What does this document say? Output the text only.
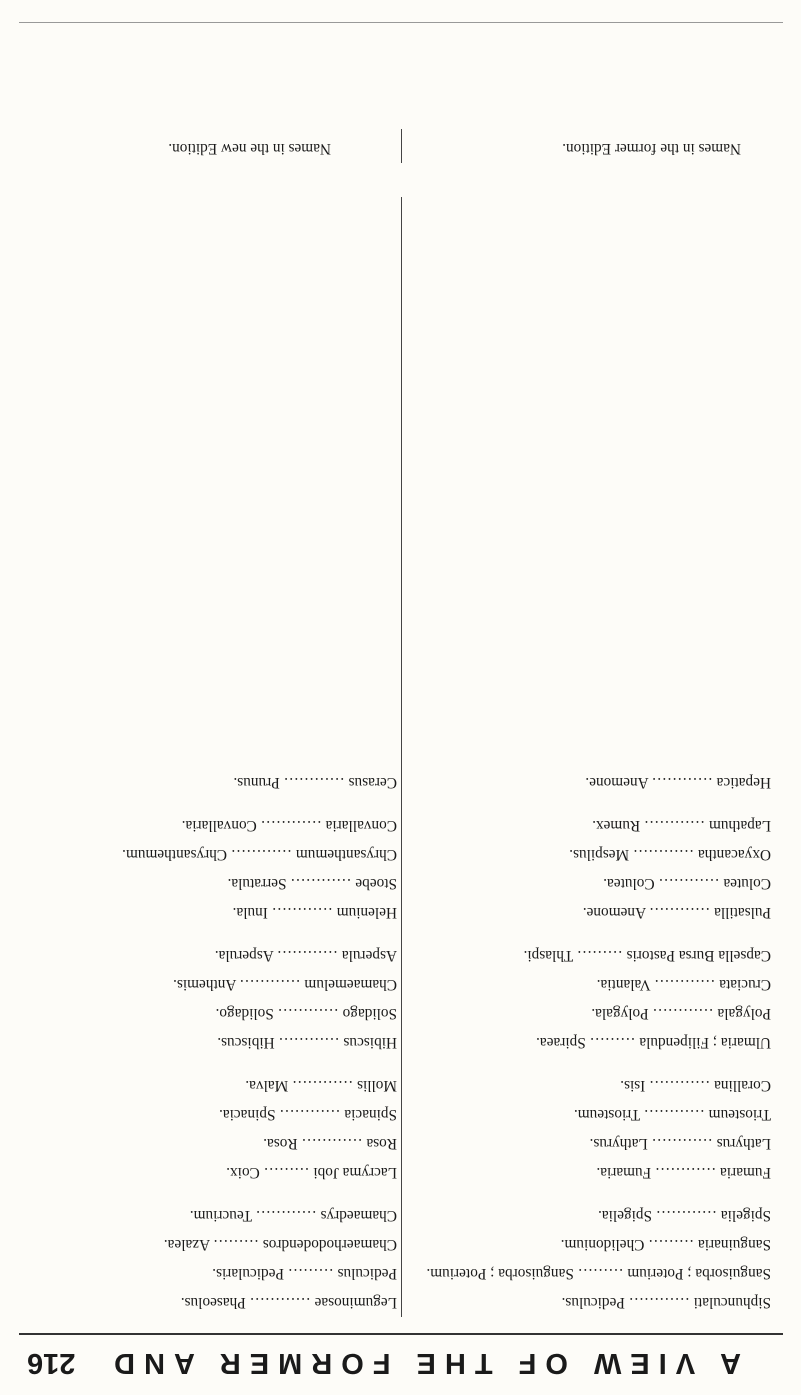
A VIEW OF THE FORMER AND
216
Siphunculati ………… Pediculus.
Sanguisorba ; Poterium ……… Sanguisorba ; Poterium.
Sanguinaria ……… Chelidonium.
Spigelia ………… Spigelia.
Fumaria ………… Fumaria.
Lathyrus ………… Lathyrus.
Triosteum ………… Triosteum.
Corallina ………… Isis.
Ulmaria ; Filipendula ……… Spiraea.
Polygala ………… Polygala.
Cruciata ………… Valantia.
Capsella Bursa Pastoris ……… Thlaspi.
Pulsatilla ………… Anemone.
Colutea ………… Colutea.
Oxyacantha ………… Mespilus.
Lapathum ………… Rumex.
Hepatica ………… Anemone.
Leguminosae ………… Phaseolus.
Pediculus ……… Pedicularis.
Chamaerhododendros ……… Azalea.
Chamaedrys ………… Teucrium.
Lacryma Jobi ……… Coix.
Rosa ………… Rosa.
Spinacia ………… Spinacia.
Mollis ………… Malva.
Hibiscus ………… Hibiscus.
Solidago ………… Solidago.
Chamaemelum ………… Anthemis.
Asperula ………… Asperula.
Helenium ………… Inula.
Stoebe ………… Serratula.
Chrysanthemum ………… Chrysanthemum.
Convallaria ………… Convallaria.
Cerasus ………… Prunus.
Names in the former Edition.
Names in the new Edition.
